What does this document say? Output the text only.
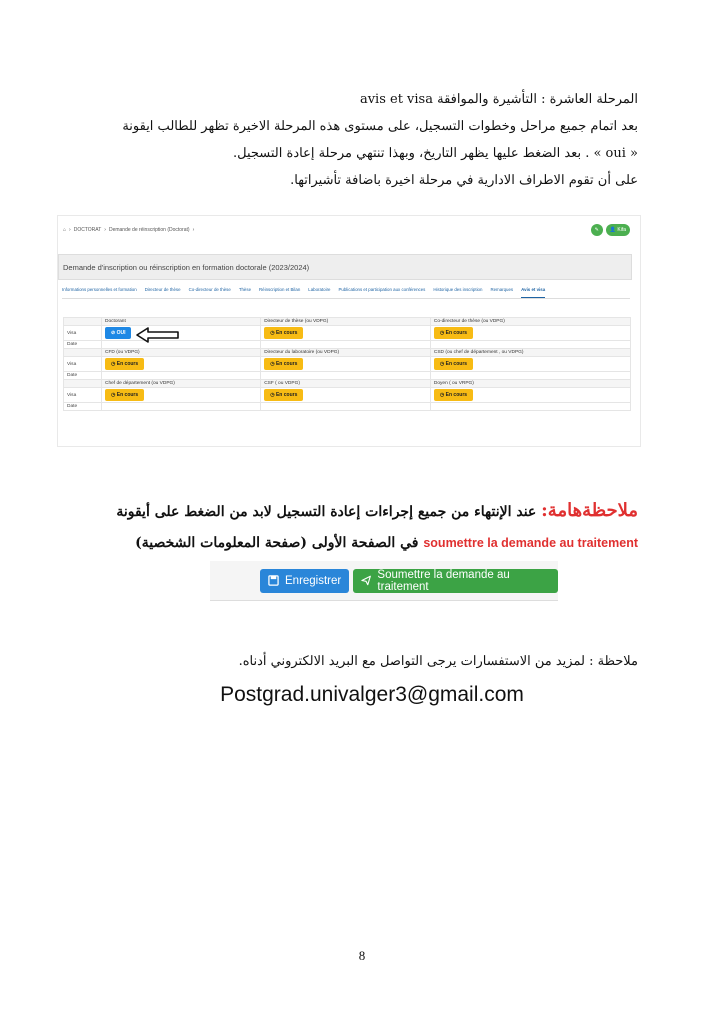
المرحلة العاشرة : التأشيرة والموافقة avis et visa

بعد اتمام جميع مراحل وخطوات التسجيل، على مستوى هذه المرحلة الاخيرة تظهر للطالب ايقونة

« oui » . بعد الضغط عليها يظهر التاريخ، وبهذا تنتهي مرحلة إعادة التسجيل.

على أن تقوم الاطراف الادارية في مرحلة اخيرة باضافة تأشيراتها.

⌂ › DOCTORAT › Demande de réinscription (Doctorat) ›	✎	👤
Kifa
Demande d'inscription ou réinscription en formation doctorale (2023/2024)
Informations personnelles et formation Directeur de thèse Co-directeur de thèse Thèse Réinscription et Bilan Laboratoire Publications et participation aux conférences Historique des inscription Remarques Avis et visa
	Doctorant	Directeur de thèse (ou VDPG)	Co-directeur de thèse (ou VDPG)
Visa	⊘ OUI	◷ En cours	◷ En cours
Date			
	CFD (ou VDPG)	Directeur du laboratoire (ou VDPG)	CSD (ou chef de département , ou VDPG)
Visa	◷ En cours	◷ En cours	◷ En cours
Date			
	Chef de département (ou VDPG)	CSF ( ou VDPG)	Doyen ( ou VRPG)
Visa	◷ En cours	◷ En cours	◷ En cours
Date			

ملاحظةهامة: عند الإنتهاء من جميع إجراءات إعادة التسجيل لابد من الضغط على أيقونة

soumettre la demande au traitement في الصفحة الأولى (صفحة المعلومات الشخصية)

Enregistrer	Soumettre la demande au traitement

ملاحظة : لمزيد من الاستفسارات يرجى التواصل مع البريد الالكتروني أدناه.

Postgrad.univalger3@gmail.com

8
